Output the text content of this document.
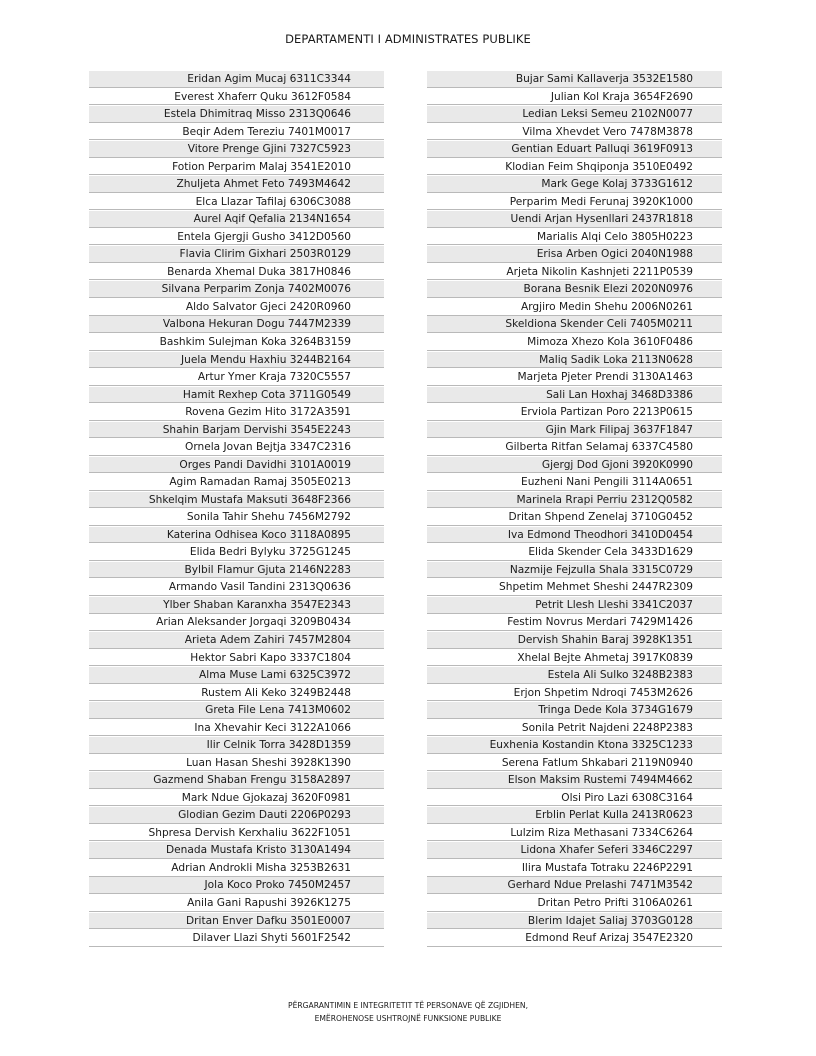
DEPARTAMENTI I ADMINISTRATES PUBLIKE
Eridan Agim Mucaj 6311C3344
Everest Xhaferr Quku 3612F0584
Estela Dhimitraq Misso 2313Q0646
Beqir Adem Tereziu 7401M0017
Vitore Prenge Gjini 7327C5923
Fotion Perparim Malaj 3541E2010
Zhuljeta Ahmet Feto 7493M4642
Elca Llazar Tafilaj 6306C3088
Aurel Aqif Qefalia 2134N1654
Entela Gjergji Gusho 3412D0560
Flavia Clirim Gixhari 2503R0129
Benarda Xhemal Duka 3817H0846
Silvana Perparim Zonja 7402M0076
Aldo Salvator Gjeci 2420R0960
Valbona Hekuran Dogu 7447M2339
Bashkim Sulejman Koka 3264B3159
Juela Mendu Haxhiu 3244B2164
Artur Ymer Kraja 7320C5557
Hamit Rexhep Cota 3711G0549
Rovena Gezim Hito 3172A3591
Shahin Barjam Dervishi 3545E2243
Ornela Jovan Bejtja 3347C2316
Orges Pandi Davidhi 3101A0019
Agim Ramadan Ramaj 3505E0213
Shkelqim Mustafa Maksuti 3648F2366
Sonila Tahir Shehu 7456M2792
Katerina Odhisea Koco 3118A0895
Elida Bedri Bylyku 3725G1245
Bylbil Flamur Gjuta 2146N2283
Armando Vasil Tandini 2313Q0636
Ylber Shaban Karanxha 3547E2343
Arian Aleksander Jorgaqi 3209B0434
Arieta Adem Zahiri 7457M2804
Hektor Sabri Kapo 3337C1804
Alma Muse Lami 6325C3972
Rustem Ali Keko 3249B2448
Greta File Lena 7413M0602
Ina Xhevahir Keci 3122A1066
Ilir Celnik Torra 3428D1359
Luan Hasan Sheshi 3928K1390
Gazmend Shaban Frengu 3158A2897
Mark Ndue Gjokazaj 3620F0981
Glodian Gezim Dauti 2206P0293
Shpresa Dervish Kerxhaliu 3622F1051
Denada Mustafa Kristo 3130A1494
Adrian Androkli Misha 3253B2631
Jola Koco Proko 7450M2457
Anila Gani Rapushi 3926K1275
Dritan Enver Dafku 3501E0007
Dilaver Llazi Shyti 5601F2542
Bujar Sami Kallaverja 3532E1580
Julian Kol Kraja 3654F2690
Ledian Leksi Semeu 2102N0077
Vilma Xhevdet Vero 7478M3878
Gentian Eduart Palluqi 3619F0913
Klodian Feim Shqiponja 3510E0492
Mark Gege Kolaj 3733G1612
Perparim Medi Ferunaj 3920K1000
Uendi Arjan Hysenllari 2437R1818
Marialis Alqi Celo 3805H0223
Erisa Arben Ogici 2040N1988
Arjeta Nikolin Kashnjeti 2211P0539
Borana Besnik Elezi 2020N0976
Argjiro Medin Shehu 2006N0261
Skeldiona Skender Celi 7405M0211
Mimoza Xhezo Kola 3610F0486
Maliq Sadik Loka 2113N0628
Marjeta Pjeter Prendi 3130A1463
Sali Lan Hoxhaj 3468D3386
Erviola Partizan Poro 2213P0615
Gjin Mark Filipaj 3637F1847
Gilberta Ritfan Selamaj 6337C4580
Gjergj Dod Gjoni 3920K0990
Euzheni Nani Pengili 3114A0651
Marinela Rrapi Perriu 2312Q0582
Dritan Shpend Zenelaj 3710G0452
Iva Edmond Theodhori 3410D0454
Elida Skender Cela 3433D1629
Nazmije Fejzulla Shala 3315C0729
Shpetim Mehmet Sheshi 2447R2309
Petrit Llesh Lleshi 3341C2037
Festim Novrus Merdari 7429M1426
Dervish Shahin Baraj 3928K1351
Xhelal Bejte Ahmetaj 3917K0839
Estela Ali Sulko 3248B2383
Erjon Shpetim Ndroqi 7453M2626
Tringa Dede Kola 3734G1679
Sonila Petrit Najdeni 2248P2383
Euxhenia Kostandin Ktona 3325C1233
Serena Fatlum Shkabari 2119N0940
Elson Maksim Rustemi 7494M4662
Olsi Piro Lazi 6308C3164
Erblin Perlat Kulla 2413R0623
Lulzim Riza Methasani 7334C6264
Lidona Xhafer Seferi 3346C2297
Ilira Mustafa Totraku 2246P2291
Gerhard Ndue Prelashi 7471M3542
Dritan Petro Prifti 3106A0261
Blerim Idajet Saliaj 3703G0128
Edmond Reuf Arizaj 3547E2320
PËRGARANTIMIN E INTEGRITETIT TË PERSONAVE QË ZGJIDHEN,
EMËROHENOSE USHTROJNË FUNKSIONE PUBLIKE
